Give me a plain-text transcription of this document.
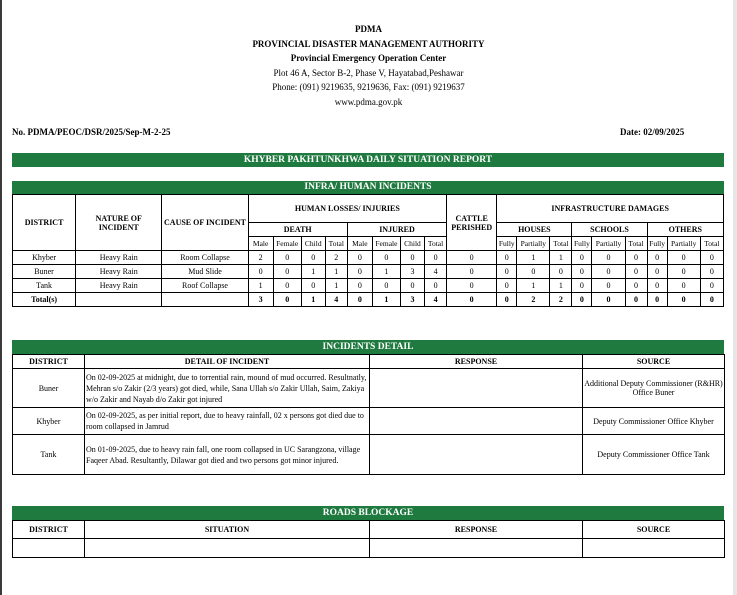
PDMA
PROVINCIAL DISASTER MANAGEMENT AUTHORITY
Provincial Emergency Operation Center
Plot 46 A, Sector B-2, Phase V, Hayatabad,Peshawar
Phone: (091) 9219635, 9219636, Fax: (091) 9219637
www.pdma.gov.pk
No. PDMA/PEOC/DSR/2025/Sep-M-2-25	Date: 02/09/2025
KHYBER PAKHTUNKHWA DAILY SITUATION REPORT
INFRA/ HUMAN INCIDENTS
DISTRICT	NATURE OF INCIDENT	CAUSE OF INCIDENT	HUMAN LOSSES/ INJURIES								CATTLE PERISHED	INFRASTRUCTURE DAMAGES								
			DEATH				INJURED					HOUSES			SCHOOLS			OTHERS		
			Male	Female	Child	Total	Male	Female	Child	Total		Fully	Partially	Total	Fully	Partially	Total	Fully	Partially	Total
Khyber	Heavy Rain	Room Collapse	2	0	0	2	0	0	0	0	0	0	1	1	0	0	0	0	0	0
Buner	Heavy Rain	Mud Slide	0	0	1	1	0	1	3	4	0	0	0	0	0	0	0	0	0	0
Tank	Heavy Rain	Roof Collapse	1	0	0	1	0	0	0	0	0	0	1	1	0	0	0	0	0	0
Total(s)			3	0	1	4	0	1	3	4	0	0	2	2	0	0	0	0	0	0
INCIDENTS DETAIL
DISTRICT	DETAIL OF INCIDENT	RESPONSE	SOURCE
Buner	On 02-09-2025 at midnight, due to torrential rain, mound of mud occurred. Resultnatly, Mehran s/o Zakir (2/3 years) got died, while, Sana Ullah s/o Zakir Ullah, Saim, Zakiya w/o Zakir and Nayab d/o Zakir got injured		Additional Deputy Commissioner (R&HR) Office Buner
Khyber	On 02-09-2025, as per initial report, due to heavy rainfall, 02 x persons got died due to room collapsed in Jamrud		Deputy Commissioner Office Khyber
Tank	On 01-09-2025, due to heavy rain fall, one room collapsed in UC Sarangzona, village Faqeer Abad. Resultantly, Dilawar got died and two persons got minor injured.		Deputy Commissioner Office Tank
ROADS BLOCKAGE
DISTRICT	SITUATION	RESPONSE	SOURCE
